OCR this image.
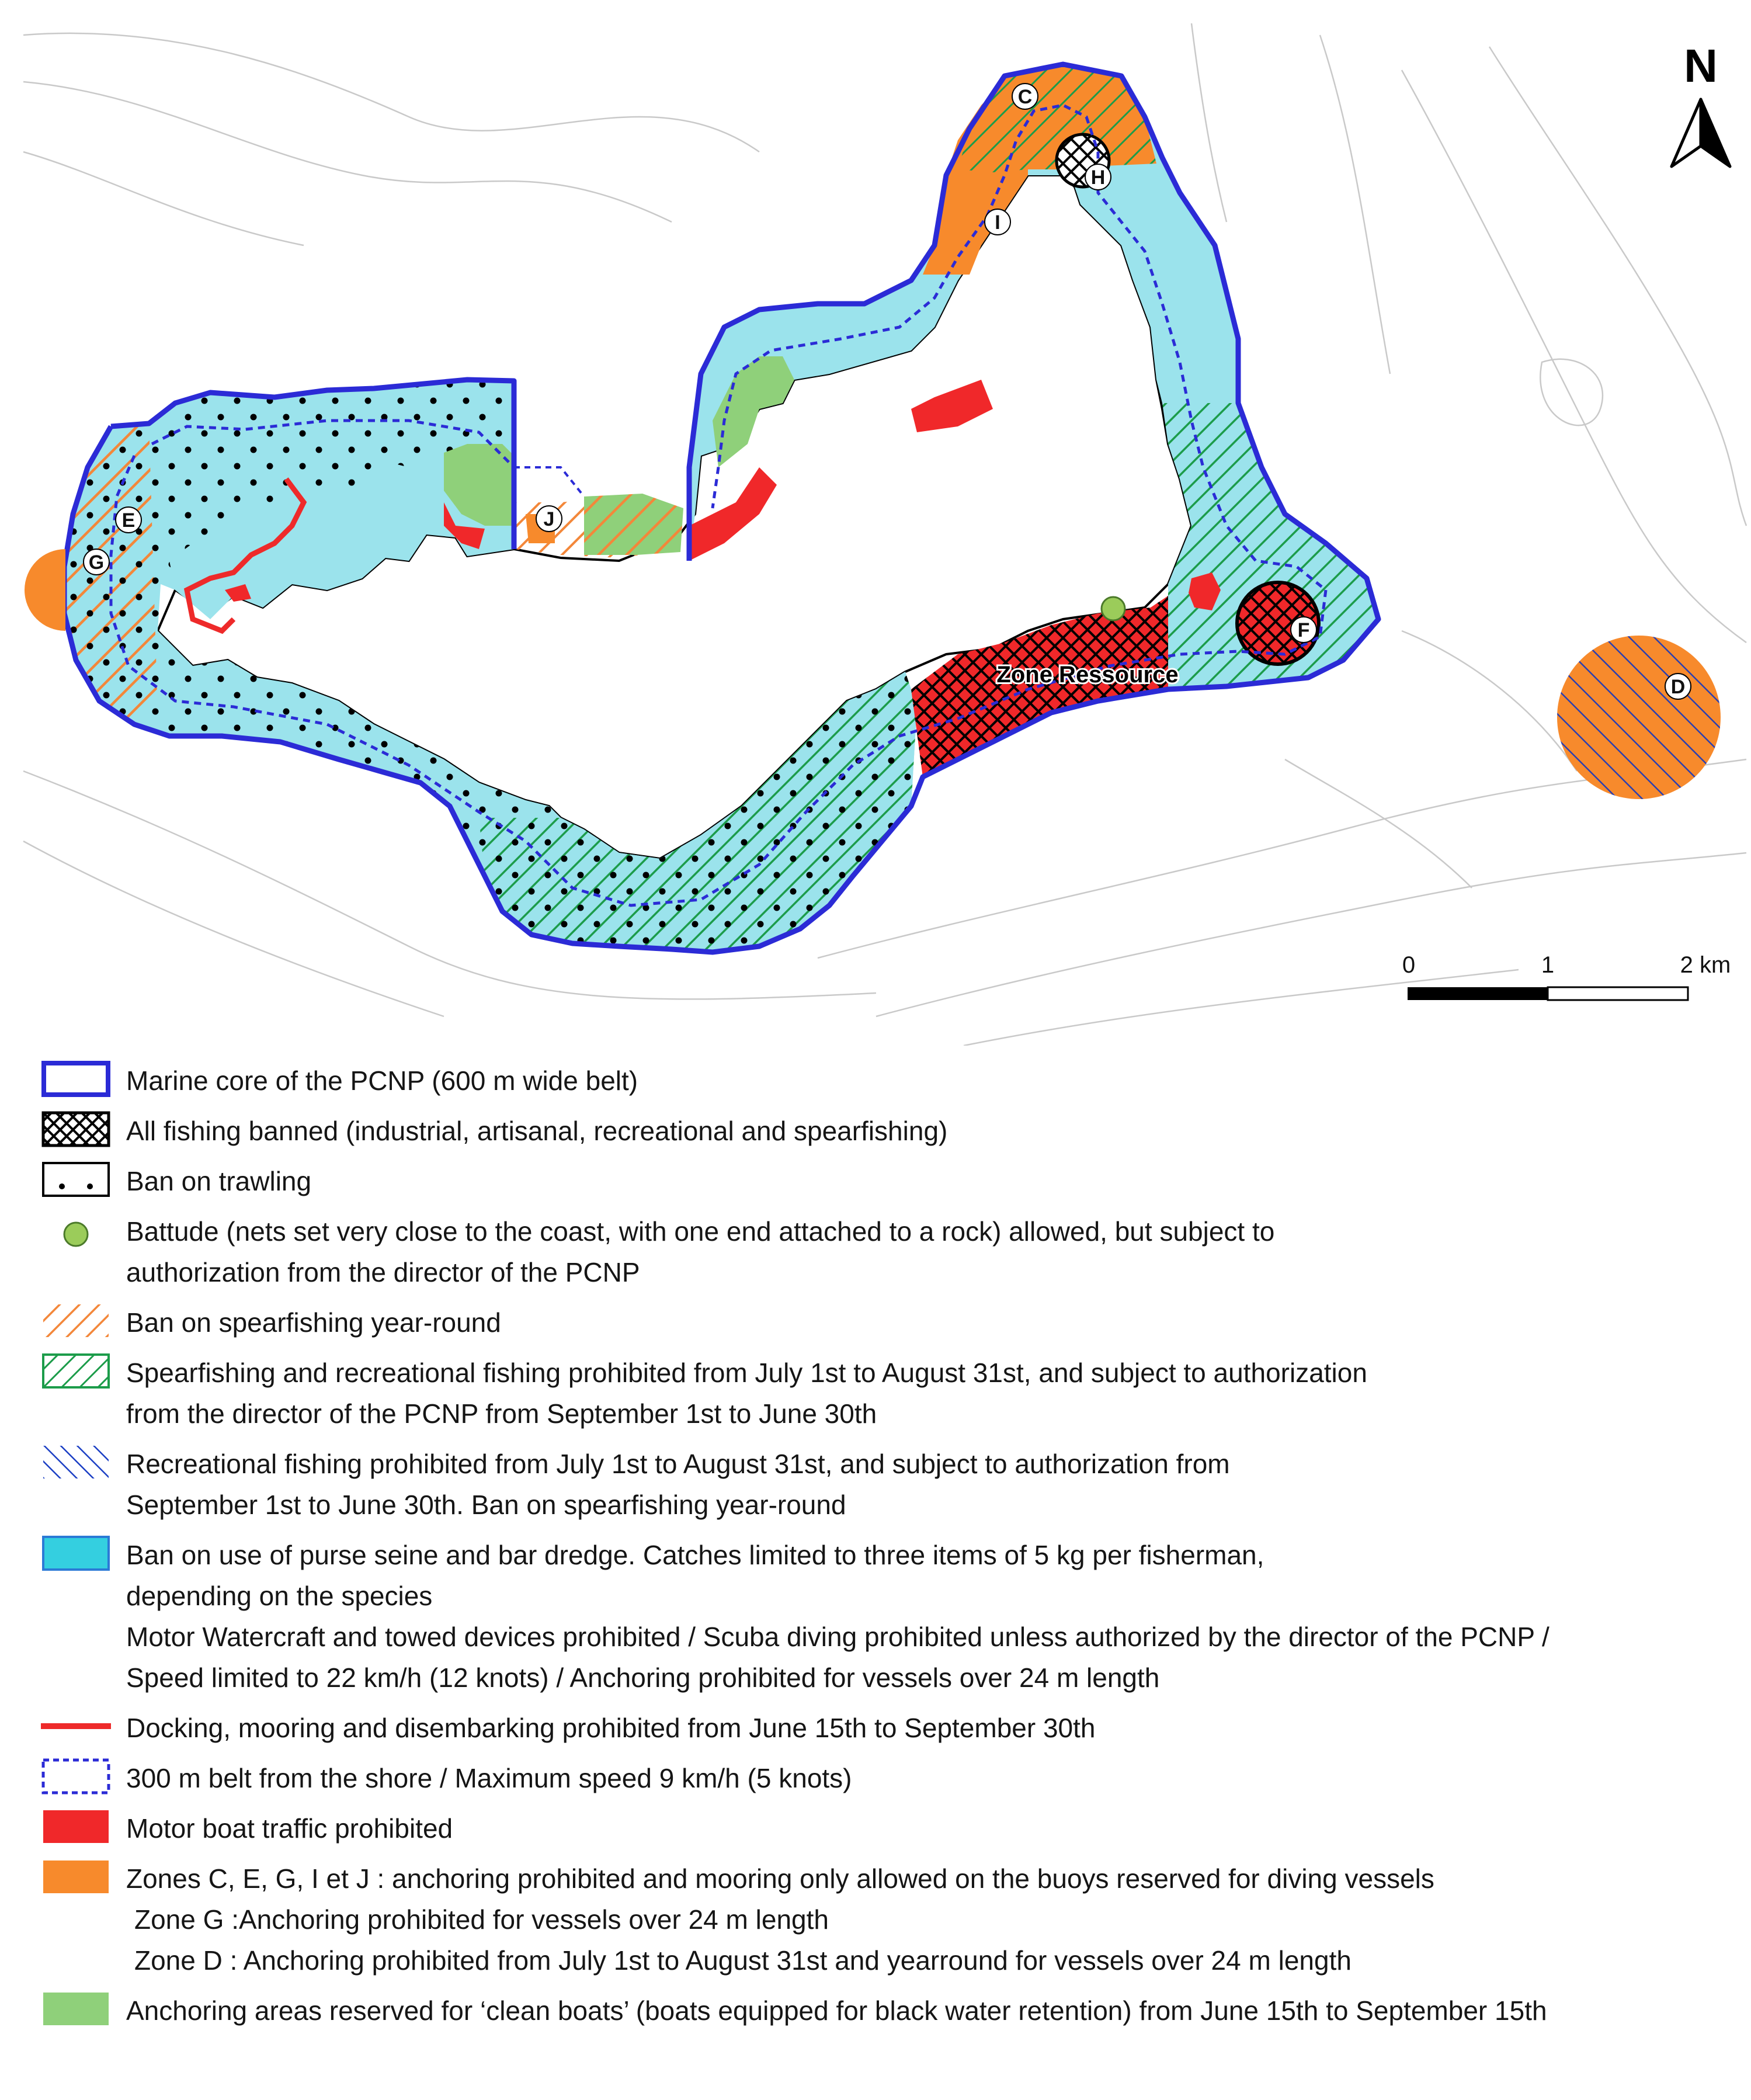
C
H
I
E
G
J
F
D
Zone Ressource
N
0	1	2 km
Marine core of the PCNP (600 m wide belt)
All fishing banned (industrial, artisanal, recreational and spearfishing)
Ban on trawling
Battude (nets set very close to the coast, with one end attached to a rock) allowed, but subject to
authorization from the director of the PCNP
Ban on spearfishing year-round
Spearfishing and recreational fishing prohibited from July 1st to August 31st, and subject to authorization
from the director of the PCNP from September 1st to June 30th
Recreational fishing prohibited from July 1st to August 31st, and subject to authorization from
September 1st to June 30th. Ban on spearfishing year-round
Ban on use of purse seine and bar dredge. Catches limited to three items of 5 kg per fisherman,
depending on the species
Motor Watercraft and towed devices prohibited / Scuba diving prohibited unless authorized by the director of the PCNP /
Speed limited to 22 km/h (12 knots) / Anchoring prohibited for vessels over 24 m length
Docking, mooring and disembarking prohibited from June 15th to September 30th
300 m belt from the shore / Maximum speed 9 km/h (5 knots)
Motor boat traffic prohibited
Zones C, E, G, I et J : anchoring prohibited and mooring only allowed on the buoys reserved for diving vessels
Zone G :Anchoring prohibited for vessels over 24 m length
Zone D : Anchoring prohibited from July 1st to August 31st and yearround for vessels over 24 m length
Anchoring areas reserved for ‘clean boats’ (boats equipped for black water retention) from June 15th to September 15th
